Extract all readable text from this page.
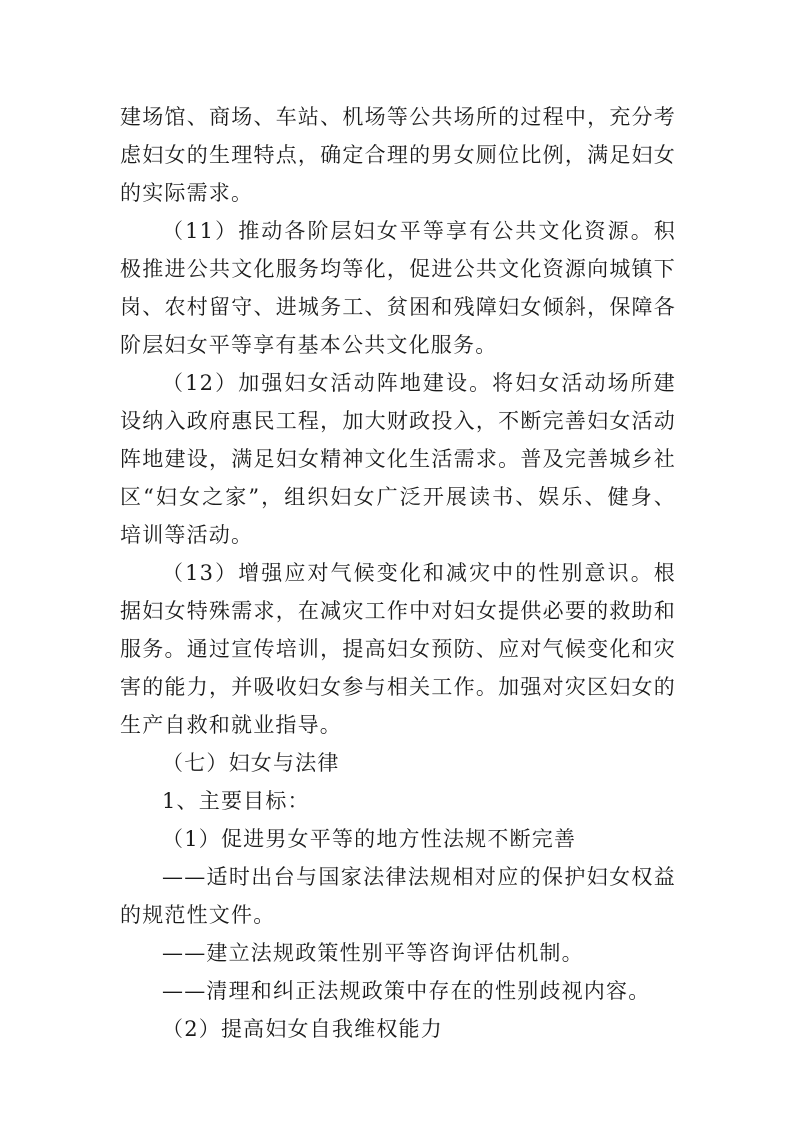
建场馆、商场、车站、机场等公共场所的过程中，充分考虑妇女的生理特点，确定合理的男女厕位比例，满足妇女的实际需求。

（11）推动各阶层妇女平等享有公共文化资源。积极推进公共文化服务均等化，促进公共文化资源向城镇下岗、农村留守、进城务工、贫困和残障妇女倾斜，保障各阶层妇女平等享有基本公共文化服务。

（12）加强妇女活动阵地建设。将妇女活动场所建设纳入政府惠民工程，加大财政投入，不断完善妇女活动阵地建设，满足妇女精神文化生活需求。普及完善城乡社区“妇女之家”，组织妇女广泛开展读书、娱乐、健身、培训等活动。

（13）增强应对气候变化和减灾中的性别意识。根据妇女特殊需求，在减灾工作中对妇女提供必要的救助和服务。通过宣传培训，提高妇女预防、应对气候变化和灾害的能力，并吸收妇女参与相关工作。加强对灾区妇女的生产自救和就业指导。

（七）妇女与法律

1、主要目标：

（1）促进男女平等的地方性法规不断完善

——适时出台与国家法律法规相对应的保护妇女权益的规范性文件。

——建立法规政策性别平等咨询评估机制。

——清理和纠正法规政策中存在的性别歧视内容。

（2）提高妇女自我维权能力
